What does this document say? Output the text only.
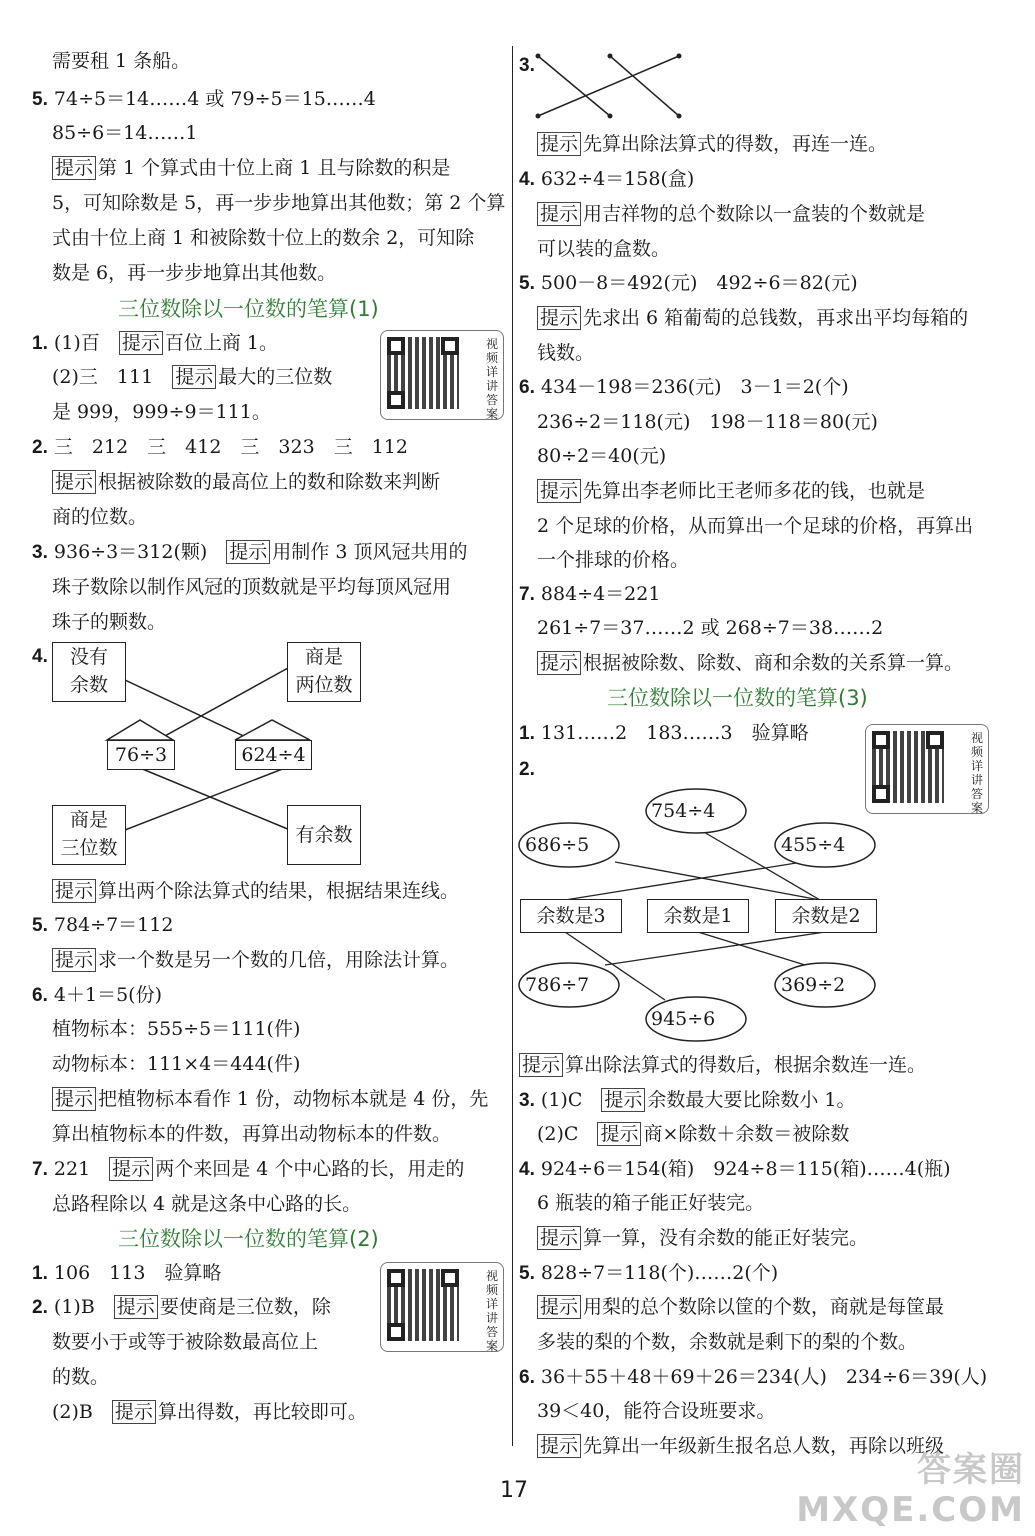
需要租 1 条船。
5. 74÷5＝14……4 或 79÷5＝15……4
85÷6＝14……1
提示 第 1 个算式由十位上商 1 且与除数的积是
5，可知除数是 5，再一步步地算出其他数；第 2 个算
式由十位上商 1 和被除数十位上的数余 2，可知除
数是 6，再一步步地算出其他数。
三位数除以一位数的笔算(1)
1. (1)百　提示 百位上商 1。
(2)三　111　提示 最大的三位数
是 999，999÷9＝111。
视频详讲答案
2. 三　212　三　412　三　323　三　112
提示 根据被除数的最高位上的数和除数来判断
商的位数。
3. 936÷3＝312(颗)　提示 用制作 3 顶风冠共用的
珠子数除以制作风冠的顶数就是平均每顶风冠用
珠子的颗数。
4.	没有
余数
商是
两位数
76÷3	624÷4
商是
三位数
有余数
提示 算出两个除法算式的结果，根据结果连线。
5. 784÷7＝112
提示 求一个数是另一个数的几倍，用除法计算。
6. 4＋1＝5(份)
植物标本：555÷5＝111(件)
动物标本：111×4＝444(件)
提示 把植物标本看作 1 份，动物标本就是 4 份，先
算出植物标本的件数，再算出动物标本的件数。
7. 221　提示 两个来回是 4 个中心路的长，用走的
总路程除以 4 就是这条中心路的长。
三位数除以一位数的笔算(2)
1. 106　113　验算略
2. (1)B　提示 要使商是三位数，除
数要小于或等于被除数最高位上
的数。
(2)B　提示 算出得数，再比较即可。
视频详讲答案
3.
提示 先算出除法算式的得数，再连一连。
4. 632÷4＝158(盒)
提示 用吉祥物的总个数除以一盒装的个数就是
可以装的盒数。
5. 500－8＝492(元)　492÷6＝82(元)
提示 先求出 6 箱葡萄的总钱数，再求出平均每箱的
钱数。
6. 434－198＝236(元)　3－1＝2(个)
236÷2＝118(元)　198－118＝80(元)
80÷2＝40(元)
提示 先算出李老师比王老师多花的钱，也就是
2 个足球的价格，从而算出一个足球的价格，再算出
一个排球的价格。
7. 884÷4＝221
261÷7＝37……2 或 268÷7＝38……2
提示 根据被除数、除数、商和余数的关系算一算。
三位数除以一位数的笔算(3)
1. 131……2　183……3　验算略
2.
视频详讲答案
754÷4
686÷5	455÷4
余数是3	余数是1	余数是2
786÷7	369÷2
945÷6
提示 算出除法算式的得数后，根据余数连一连。
3. (1)C　提示 余数最大要比除数小 1。
(2)C　提示 商×除数＋余数＝被除数
4. 924÷6＝154(箱)　924÷8＝115(箱)……4(瓶)
6 瓶装的箱子能正好装完。
提示 算一算，没有余数的能正好装完。
5. 828÷7＝118(个)……2(个)
提示 用梨的总个数除以筐的个数，商就是每筐最
多装的梨的个数，余数就是剩下的梨的个数。
6. 36＋55＋48＋69＋26＝234(人)　234÷6＝39(人)
39＜40，能符合设班要求。
提示 先算出一年级新生报名总人数，再除以班级
17
答案圈
MXQE.COM
